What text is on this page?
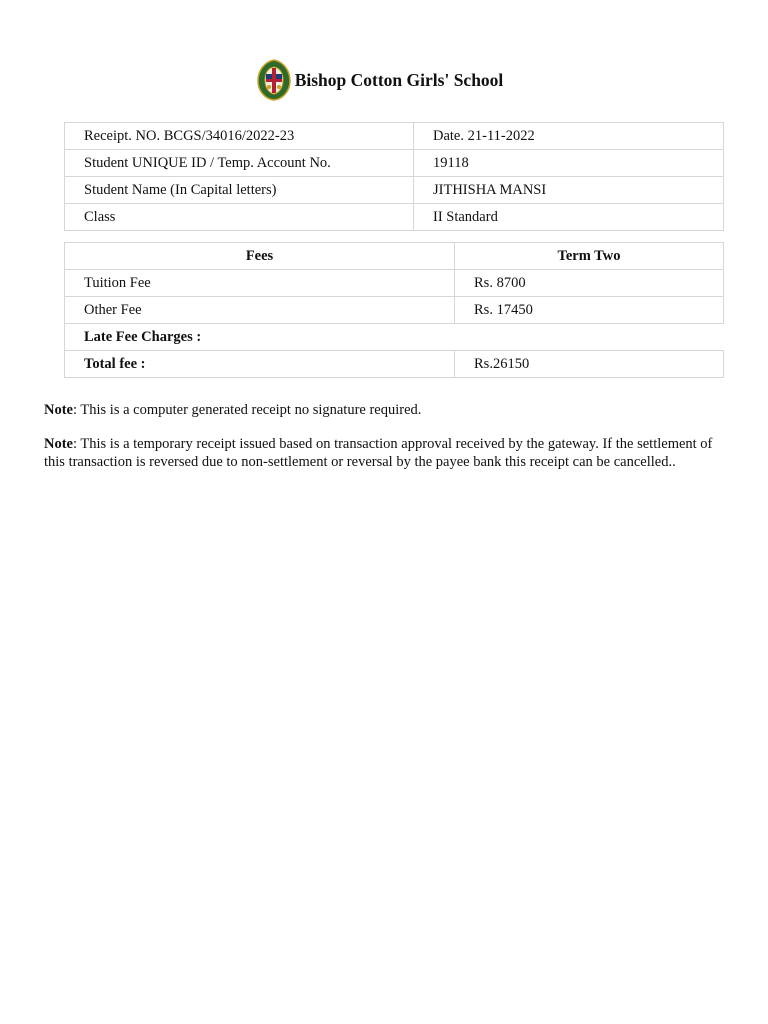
Bishop Cotton Girls' School
Receipt. NO. BCGS/34016/2022-23	Date. 21-11-2022
Student UNIQUE ID / Temp. Account No.	19118
Student Name (In Capital letters)	JITHISHA MANSI
Class	II Standard
Fees	Term Two
Tuition Fee	Rs. 8700
Other Fee	Rs. 17450
Late Fee Charges :	
Total fee :	Rs.26150

Note: This is a computer generated receipt no signature required.

Note: This is a temporary receipt issued based on transaction approval received by the gateway. If the settlement of this transaction is reversed due to non-settlement or reversal by the payee bank this receipt can be cancelled..
